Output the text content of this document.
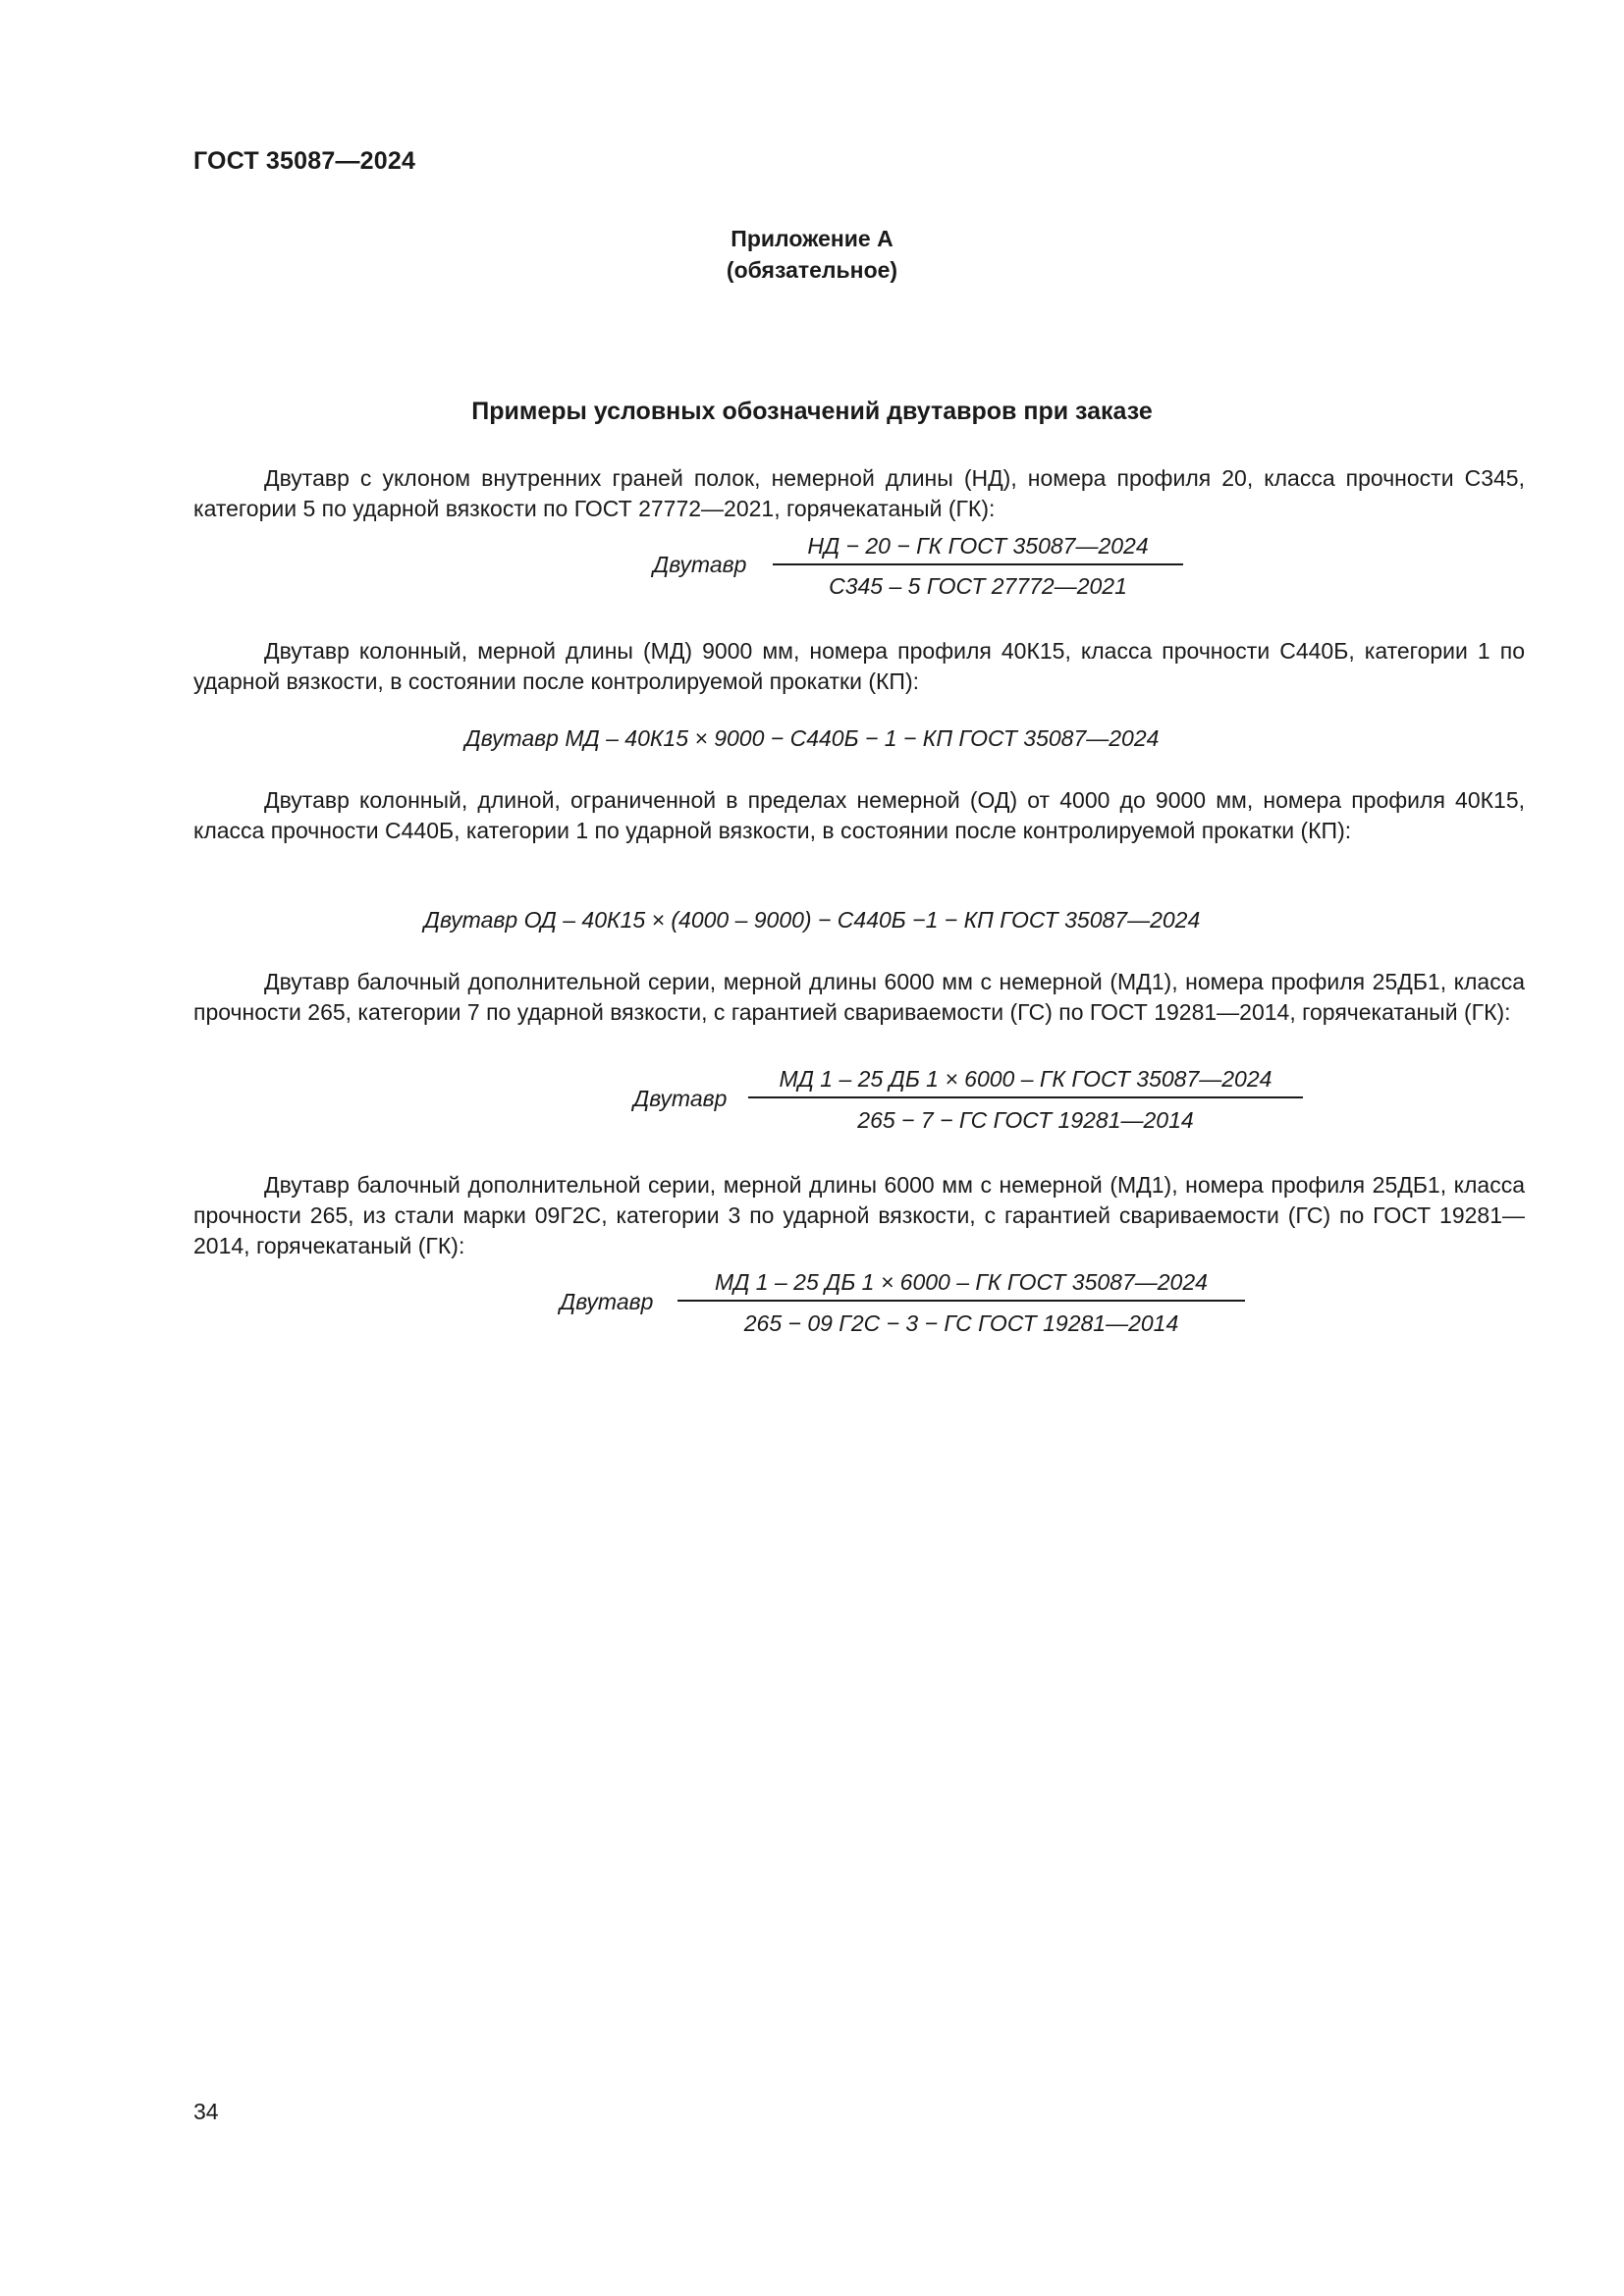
ГОСТ 35087—2024
Приложение А
(обязательное)
Примеры условных обозначений двутавров при заказе
Двутавр с уклоном внутренних граней полок, немерной длины (НД), номера профиля 20, класса прочности С345, категории 5 по ударной вязкости по ГОСТ 27772—2021, горячекатаный (ГК):
Двутавр
НД − 20 − ГК ГОСТ 35087—2024
С345 – 5 ГОСТ 27772—2021
Двутавр колонный, мерной длины (МД) 9000 мм, номера профиля 40К15, класса прочности С440Б, категории 1 по ударной вязкости, в состоянии после контролируемой прокатки (КП):
Двутавр МД – 40К15 × 9000 − С440Б − 1 − КП ГОСТ 35087—2024
Двутавр колонный, длиной, ограниченной в пределах немерной (ОД) от 4000 до 9000 мм, номера профиля 40К15, класса прочности С440Б, категории 1 по ударной вязкости, в состоянии после контролируемой прокатки (КП):
Двутавр ОД – 40К15 × (4000 – 9000) − С440Б −1 − КП ГОСТ 35087—2024
Двутавр балочный дополнительной серии, мерной длины 6000 мм с немерной (МД1), номера профиля 25ДБ1, класса прочности 265, категории 7 по ударной вязкости, с гарантией свариваемости (ГС) по ГОСТ 19281—2014, горячекатаный (ГК):
Двутавр
МД 1 – 25 ДБ 1 × 6000 – ГК ГОСТ 35087—2024
265 − 7 − ГС ГОСТ 19281—2014
Двутавр балочный дополнительной серии, мерной длины 6000 мм с немерной (МД1), номера профиля 25ДБ1, класса прочности 265, из стали марки 09Г2С, категории 3 по ударной вязкости, с гарантией свариваемости (ГС) по ГОСТ 19281—2014, горячекатаный (ГК):
Двутавр
МД 1 – 25 ДБ 1 × 6000 – ГК ГОСТ 35087—2024
265 − 09 Г2С − 3 − ГС ГОСТ 19281—2014
34
